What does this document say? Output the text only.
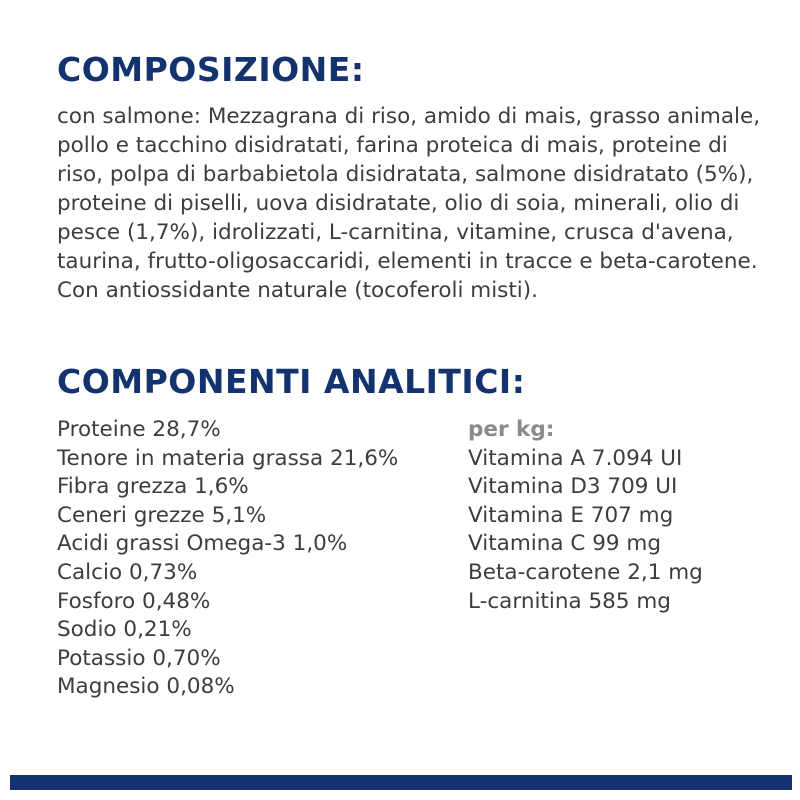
COMPOSIZIONE:

con salmone: Mezzagrana di riso, amido di mais, grasso animale, pollo e tacchino disidratati, farina proteica di mais, proteine di riso, polpa di barbabietola disidratata, salmone disidratato (5%), proteine di piselli, uova disidratate, olio di soia, minerali, olio di pesce (1,7%), idrolizzati, L-carnitina, vitamine, crusca d'avena, taurina, frutto-oligosaccaridi, elementi in tracce e beta-carotene. Con antiossidante naturale (tocoferoli misti).

COMPONENTI ANALITICI:
Proteine 28,7%
Tenore in materia grassa 21,6%
Fibra grezza 1,6%
Ceneri grezze 5,1%
Acidi grassi Omega-3 1,0%
Calcio 0,73%
Fosforo 0,48%
Sodio 0,21%
Potassio 0,70%
Magnesio 0,08%
per kg:
Vitamina A 7.094 UI
Vitamina D3 709 UI
Vitamina E 707 mg
Vitamina C 99 mg
Beta-carotene 2,1 mg
L-carnitina 585 mg
